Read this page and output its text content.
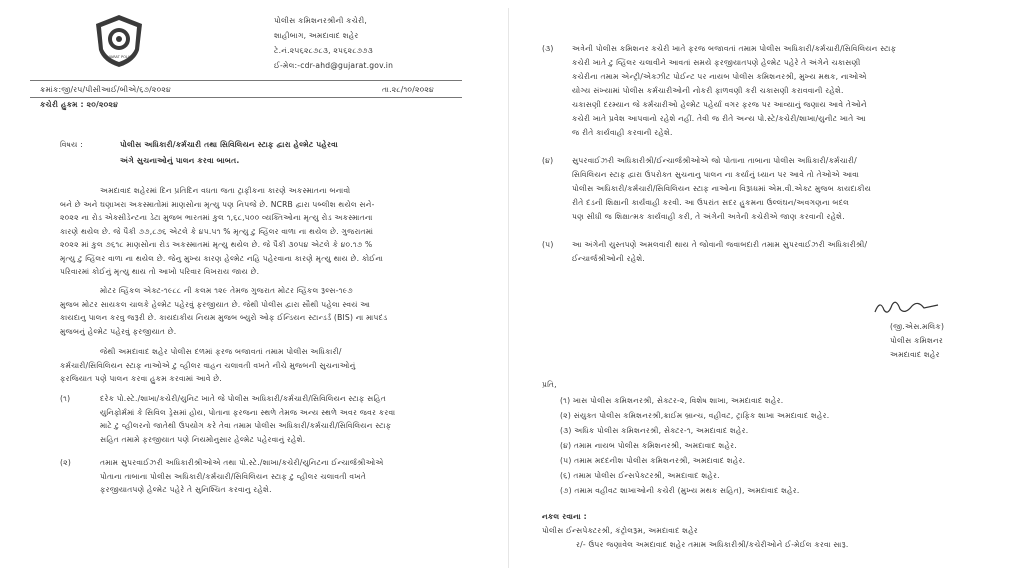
GUJARAT POLICE
પોલીસ કમિશનરશ્રીની કચેરી,
શાહીબાગ, અમદાવાદ શહેર
ટે.નં.૨૫૬૨૮૭૮૩, ૨૫૬૨૮૭૭૩
ઈ-મેલ:-cdr-ahd@gujarat.gov.in
ક્રમાંક:જી/રપ/પીસીઆઈ/બીએ/૬૭/૨૦૨૪	તા.૨૮/૧૦/૨૦૨૪
કચેરી હુકમ : ૨૦/૨૦૨૪
વિષય :	પોલીસ અધિકારી/કર્મચારી તથા સિવિલિયન સ્ટાફ દ્વારા હેલ્મેટ પહેરવા
અંગે સુચનાઓનું પાલન કરવા બાબત.
અમદાવાદ શહેરમાં દિન પ્રતિદિન વધતા જતા ટ્રાફીકના કારણે અકસ્માતના બનાવો
બને છે અને ઘણાખરા અકસ્માતોમાં માણસોના મૃત્યુ પણ નિપજે છે. NCRB દ્વારા પબ્લીશ થયેલ સને-
૨૦૨૨ ના રોડ એક્સીડેન્ટના ડેટા મુજબ ભારતમાં કુલ ૧,૬૮,૫૦૦ વ્યક્તિઓના મૃત્યુ રોડ અકસ્માતના
કારણે થયેલ છે. જે પૈકી ૭૭,૮૭૬ એટલે કે ૪૫.૫૧ % મૃત્યુ ટુ વ્હિલર વાળા ના થયેલ છે. ગુજરાતમાં
૨૦૨૨ માં કુલ ૭૬૧૮ માણસોના રોડ અકસ્માતમાં મૃત્યુ થયેલ છે. જે પૈકી ૩૦૫૪ એટલે કે ૪૦.૧૭ %
મૃત્યુ ટુ વ્હિલર વાળા ના થયેલ છે. જેનુ મુખ્ય કારણ હેલ્મેટ નહિ પહેરવાના કારણે મૃત્યુ થાય છે. કોઈના
પરિવારમાં કોઈનું મૃત્યુ થાય તો આખો પરિવાર વિખરાય જાય છે.
મોટર વ્હિકલ એક્ટ-૧૯૮૮ ની કલમ ૧૨૯ તેમજ ગુજરાત મોટર વ્હિકલ રૂલ્સ-૧૯૭
મુજબ મોટર સાયકલ ચાલકે હેલ્મેટ પહેરવું ફરજીયાત છે. જેથી પોલીસ દ્વારા સૌથી પહેલા સ્વયં આ
કાયદાનુ પાલન કરવુ જરૂરી છે. કાયદાકીય નિયમ મુજબ બ્યુરો ઓફ ઈન્ડિયન સ્ટાન્ડર્ડ (BIS) ના માપદંડ
મુજબનું હેલ્મેટ પહેરવું ફરજીયાત છે.
જેથી અમદાવાદ શહેર પોલીસ દળમાં ફરજ બજાવતાં તમામ પોલીસ અધિકારી/
કર્મચારી/સિવિલિયન સ્ટાફ નાઓએ ટુ વ્હીલર વાહન ચલાવતી વખતે નીચે મુજબની સુચનાઓનું
ફરજિયાત પણે પાલન કરવા હુકમ કરવામાં આવે છે.
(૧)	દરેક પો.સ્ટે./શાખા/કચેરી/યુનિટ ખાતે જે પોલીસ અધિકારી/કર્મચારી/સિવિલિયન સ્ટાફ સહિત
યુનિફોર્મમાં કે સિવિલ ડ્રેસમાં હોય, પોતાના ફરજના સ્થળે તેમજ અન્ય સ્થળે અવર જવર કરવા
માટે ટુ વ્હીલરનો જાતેથી ઉપયોગ કરે તેવા તમામ પોલીસ અધિકારી/કર્મચારી/સિવિલિયન સ્ટાફ
સહિત તમામે ફરજીયાત પણે નિયમોનુસાર હેલ્મેટ પહેરવાનું રહેશે.
(૨)	તમામ સુપરવાઈઝરી અધિકારીશ્રીઓએ તથા પો.સ્ટે./શાખા/કચેરી/યુનિટના ઈન્ચાર્જશ્રીઓએ
પોતાના તાબાના પોલીસ અધિકારી/કર્મચારી/સિવિલિયન સ્ટાફ ટુ વ્હીલર ચલાવતી વખતે
ફરજીયાતપણે હેલ્મેટ પહેરે તે સુનિશ્ચિત કરવાનુ રહેશે.
(૩) અત્રેની પોલીસ કમિશનર કચેરી ખાતે ફરજ બજાવતાં તમામ પોલીસ અધિકારી/કર્મચારી/સિવિલિયન સ્ટાફ
કચેરી ખાતે ટુ વ્હિલર ચલાવીને આવતાં સમયે ફરજીયાતપણે હેલ્મેટ પહેરે તે અંગેને ચકાસણી
કચેરીના તમામ એન્ટ્રી/એક્ઝીટ પોઈન્ટ પર નાયબ પોલીસ કમિશનરશ્રી, મુખ્ય મથક, નાઓએ
યોગ્ય સંખ્યામાં પોલીસ કર્મચારીઓની નોકરી ફાળવણી કરી ચકાસણી કરાવવાની રહેશે.
ચકાસણી દરમ્યાન જે કર્મચારીઓ હેલ્મેટ પહેર્યા વગર ફરજ પર આવ્યાનું જણાય આવે તેઓને
કચેરી ખાતે પ્રવેશ આપવાનો રહેશે નહીં. તેવી જ રીતે અન્ય પો.સ્ટે/કચેરી/શાખા/યુનીટ ખાતે આ
જ રીતે કાર્યવાહી કરવાની રહેશે.
(૪) સુપરવાઈઝરી અધિકારીશ્રી/ઈન્ચાર્જશ્રીઓએ જો પોતાના તાબાના પોલીસ અધિકારી/કર્મચારી/
સિવિલિયન સ્ટાફ દ્વારા ઉપરોક્ત સુચનાનુ પાલન ના કર્યાનું ધ્યાન પર આવે તો તેઓએ આવા
પોલીસ અધિકારી/કર્મચારી/સિવિલિયન સ્ટાફ નાઓના વિરૂધ્ધમાં એમ.વી.એક્ટ મુજબ કાયદાકીય
રીતે દંડની શિક્ષાની કાર્યવાહી કરવી. આ ઉપરાંત સદર હુકમના ઉલ્લંઘન/અવગણના બદલ
પણ સીધી જ શિક્ષાત્મક કાર્યવાહી કરી, તે અંગેની અત્રેની કચેરીએ જાણ કરવાની રહેશે.
(૫) આ અંગેની યુસ્તપણે અમલવારી થાય તે જોવાની જવાબદારી તમામ સુપરવાઈઝરી અધિકારીશ્રી/
ઈન્ચાર્જશ્રીઓની રહેશે.
(જી.એસ.મલિક)
પોલીસ કમિશનર
અમદાવાદ શહેર
પ્રતિ,
(૧) ખાસ પોલીસ કમિશનરશ્રી, સેક્ટર-૨, વિશેષ શાખા, અમદાવાદ શહેર.
(૨) સંયુક્ત પોલીસ કમિશનરશ્રી,ક્રાઈમ બ્રાન્ચ, વહીવટ, ટ્રાફિક શાખા અમદાવાદ શહેર.
(૩) અધિક પોલીસ કમિશનરશ્રી, સેક્ટર-૧, અમદાવાદ શહેર.
(૪) તમામ નાયબ પોલીસ કમિશનરશ્રી, અમદાવાદ શહેર.
(૫) તમામ મદદનીશ પોલીસ કમિશનરશ્રી, અમદાવાદ શહેર.
(૬) તમામ પોલીસ ઈન્સપેક્ટરશ્રી, અમદાવાદ શહેર.
(૭) તમામ વહીવટ શાખાઓની કચેરી (મુખ્ય મથક સહિત), અમદાવાદ શહેર.
નકલ રવાના :
પોલીસ ઈન્સપેક્ટરશ્રી, કંટ્રોલરૂમ, અમદાવાદ શહેર
ર/- ઉપર જણાવેલ અમદાવાદ શહેર તમામ અધિકારીશ્રી/કચેરીઓને ઈ-મેઈલ કરવા સારૂ.
